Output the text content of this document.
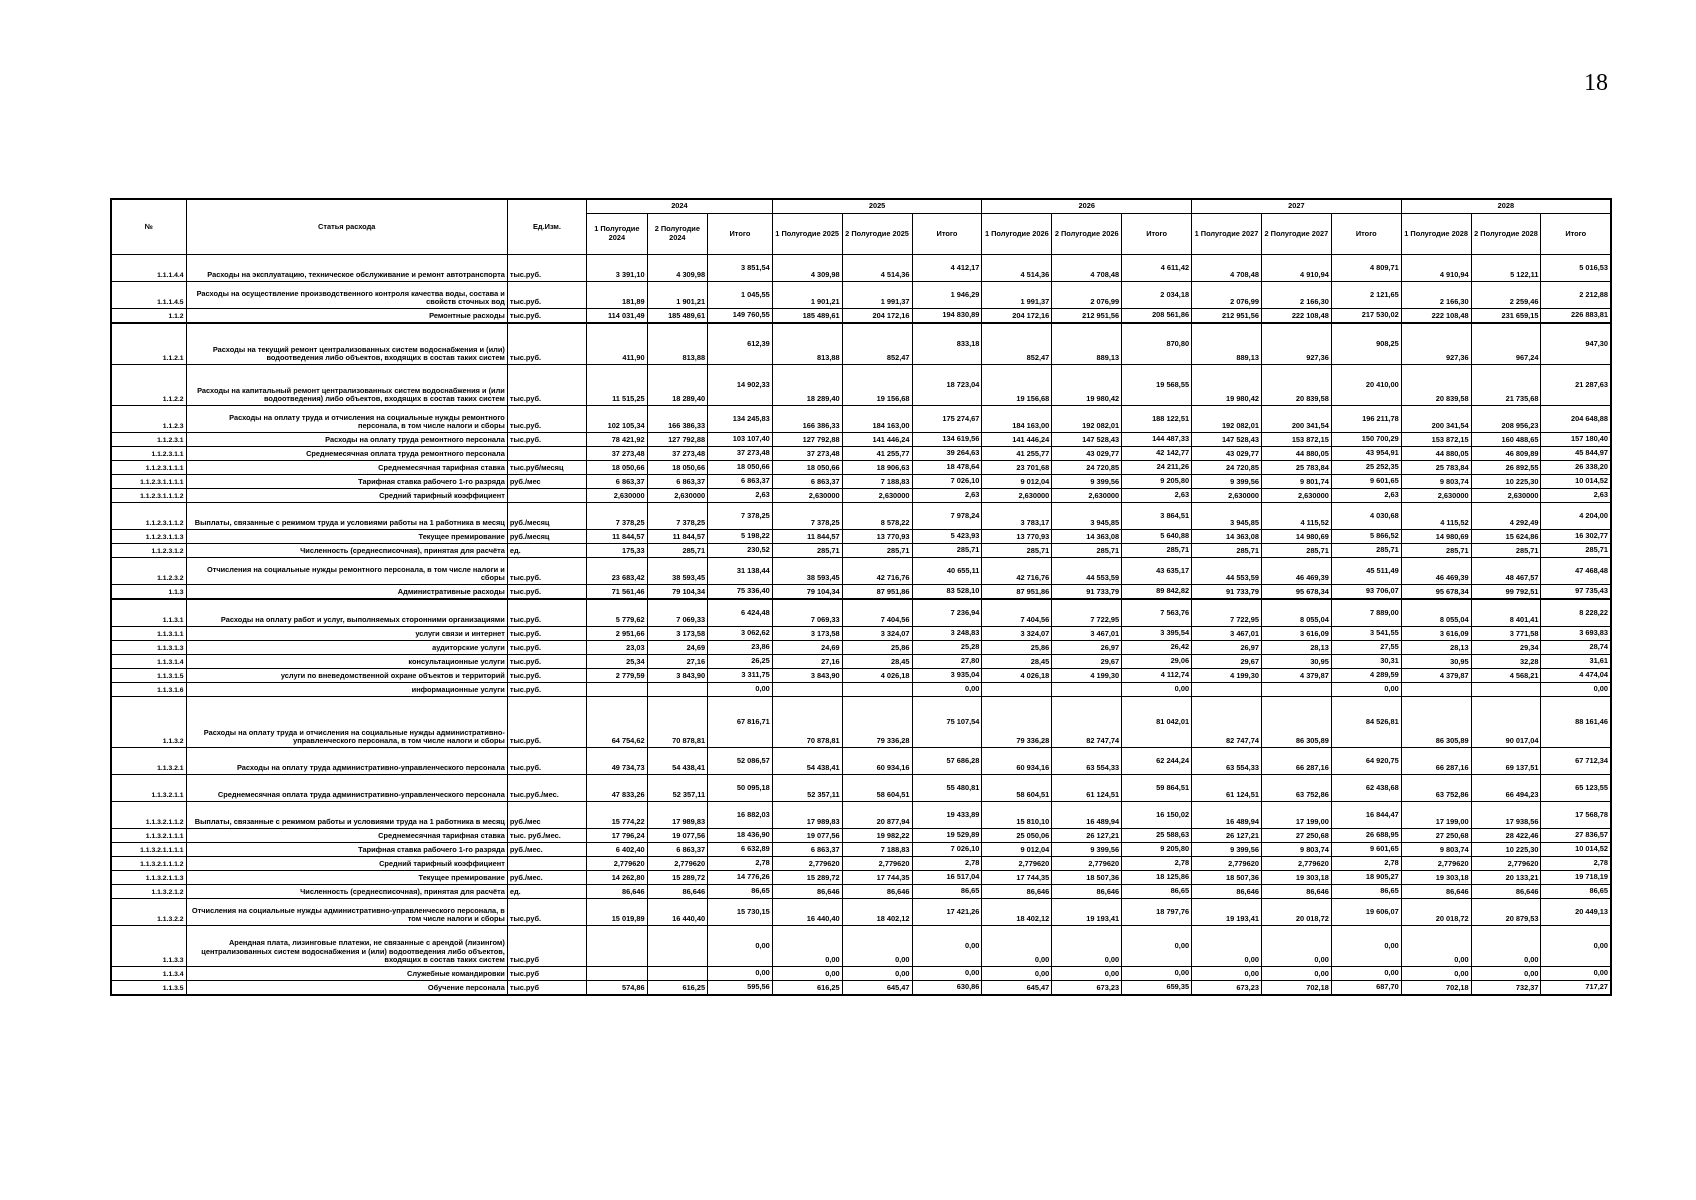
18
№	Статья расхода	Ед.Изм.	2024			2025			2026			2027			2028		
			1 Полугодие 2024	2 Полугодие 2024	Итого	1 Полугодие 2025	2 Полугодие 2025	Итого	1 Полугодие 2026	2 Полугодие 2026	Итого	1 Полугодие 2027	2 Полугодие 2027	Итого	1 Полугодие 2028	2 Полугодие 2028	Итого
1.1.1.4.4	Расходы на эксплуатацию, техническое обслуживание и ремонт автотранспорта	тыс.руб.	3 391,10	4 309,98	3 851,54	4 309,98	4 514,36	4 412,17	4 514,36	4 708,48	4 611,42	4 708,48	4 910,94	4 809,71	4 910,94	5 122,11	5 016,53
1.1.1.4.5	Расходы на осуществление производственного контроля качества воды, состава и свойств сточных вод	тыс.руб.	181,89	1 901,21	1 045,55	1 901,21	1 991,37	1 946,29	1 991,37	2 076,99	2 034,18	2 076,99	2 166,30	2 121,65	2 166,30	2 259,46	2 212,88
1.1.2	Ремонтные расходы	тыс.руб.	114 031,49	185 489,61	149 760,55	185 489,61	204 172,16	194 830,89	204 172,16	212 951,56	208 561,86	212 951,56	222 108,48	217 530,02	222 108,48	231 659,15	226 883,81
1.1.2.1	Расходы на текущий ремонт централизованных систем водоснабжения и (или) водоотведения либо объектов, входящих в состав таких систем	тыс.руб.	411,90	813,88	612,39	813,88	852,47	833,18	852,47	889,13	870,80	889,13	927,36	908,25	927,36	967,24	947,30
1.1.2.2	Расходы на капитальный ремонт централизованных систем водоснабжения и (или водоотведения) либо объектов, входящих в состав таких систем	тыс.руб.	11 515,25	18 289,40	14 902,33	18 289,40	19 156,68	18 723,04	19 156,68	19 980,42	19 568,55	19 980,42	20 839,58	20 410,00	20 839,58	21 735,68	21 287,63
1.1.2.3	Расходы на оплату труда и отчисления на социальные нужды ремонтного персонала, в том числе налоги и сборы	тыс.руб.	102 105,34	166 386,33	134 245,83	166 386,33	184 163,00	175 274,67	184 163,00	192 082,01	188 122,51	192 082,01	200 341,54	196 211,78	200 341,54	208 956,23	204 648,88
1.1.2.3.1	Расходы на оплату труда ремонтного персонала	тыс.руб.	78 421,92	127 792,88	103 107,40	127 792,88	141 446,24	134 619,56	141 446,24	147 528,43	144 487,33	147 528,43	153 872,15	150 700,29	153 872,15	160 488,65	157 180,40
1.1.2.3.1.1	Среднемесячная оплата труда ремонтного персонала		37 273,48	37 273,48	37 273,48	37 273,48	41 255,77	39 264,63	41 255,77	43 029,77	42 142,77	43 029,77	44 880,05	43 954,91	44 880,05	46 809,89	45 844,97
1.1.2.3.1.1.1	Среднемесячная тарифная ставка	тыс.руб/месяц	18 050,66	18 050,66	18 050,66	18 050,66	18 906,63	18 478,64	23 701,68	24 720,85	24 211,26	24 720,85	25 783,84	25 252,35	25 783,84	26 892,55	26 338,20
1.1.2.3.1.1.1.1	Тарифная ставка рабочего 1-го разряда	руб./мес	6 863,37	6 863,37	6 863,37	6 863,37	7 188,83	7 026,10	9 012,04	9 399,56	9 205,80	9 399,56	9 801,74	9 601,65	9 803,74	10 225,30	10 014,52
1.1.2.3.1.1.1.2	Средний тарифный коэффициент		2,630000	2,630000	2,63	2,630000	2,630000	2,63	2,630000	2,630000	2,63	2,630000	2,630000	2,63	2,630000	2,630000	2,63
1.1.2.3.1.1.2	Выплаты, связанные с режимом труда и условиями работы на 1 работника в месяц	руб./месяц	7 378,25	7 378,25	7 378,25	7 378,25	8 578,22	7 978,24	3 783,17	3 945,85	3 864,51	3 945,85	4 115,52	4 030,68	4 115,52	4 292,49	4 204,00
1.1.2.3.1.1.3	Текущее премирование	руб./месяц	11 844,57	11 844,57	5 198,22	11 844,57	13 770,93	5 423,93	13 770,93	14 363,08	5 640,88	14 363,08	14 980,69	5 866,52	14 980,69	15 624,86	16 302,77
1.1.2.3.1.2	Численность (среднесписочная), принятая для расчёта	ед.	175,33	285,71	230,52	285,71	285,71	285,71	285,71	285,71	285,71	285,71	285,71	285,71	285,71	285,71	285,71
1.1.2.3.2	Отчисления на социальные нужды ремонтного персонала, в том числе налоги и сборы	тыс.руб.	23 683,42	38 593,45	31 138,44	38 593,45	42 716,76	40 655,11	42 716,76	44 553,59	43 635,17	44 553,59	46 469,39	45 511,49	46 469,39	48 467,57	47 468,48
1.1.3	Административные расходы	тыс.руб.	71 561,46	79 104,34	75 336,40	79 104,34	87 951,86	83 528,10	87 951,86	91 733,79	89 842,82	91 733,79	95 678,34	93 706,07	95 678,34	99 792,51	97 735,43
1.1.3.1	Расходы на оплату работ и услуг, выполняемых сторонними организациями	тыс.руб.	5 779,62	7 069,33	6 424,48	7 069,33	7 404,56	7 236,94	7 404,56	7 722,95	7 563,76	7 722,95	8 055,04	7 889,00	8 055,04	8 401,41	8 228,22
1.1.3.1.1	услуги связи и интернет	тыс.руб.	2 951,66	3 173,58	3 062,62	3 173,58	3 324,07	3 248,83	3 324,07	3 467,01	3 395,54	3 467,01	3 616,09	3 541,55	3 616,09	3 771,58	3 693,83
1.1.3.1.3	аудиторские услуги	тыс.руб.	23,03	24,69	23,86	24,69	25,86	25,28	25,86	26,97	26,42	26,97	28,13	27,55	28,13	29,34	28,74
1.1.3.1.4	консультационные услуги	тыс.руб.	25,34	27,16	26,25	27,16	28,45	27,80	28,45	29,67	29,06	29,67	30,95	30,31	30,95	32,28	31,61
1.1.3.1.5	услуги по вневедомственной охране объектов и территорий	тыс.руб.	2 779,59	3 843,90	3 311,75	3 843,90	4 026,18	3 935,04	4 026,18	4 199,30	4 112,74	4 199,30	4 379,87	4 289,59	4 379,87	4 568,21	4 474,04
1.1.3.1.6	информационные услуги	тыс.руб.			0,00			0,00			0,00			0,00			0,00
1.1.3.2	Расходы на оплату труда и отчисления на социальные нужды административно-управленческого персонала, в том числе налоги и сборы	тыс.руб.	64 754,62	70 878,81	67 816,71	70 878,81	79 336,28	75 107,54	79 336,28	82 747,74	81 042,01	82 747,74	86 305,89	84 526,81	86 305,89	90 017,04	88 161,46
1.1.3.2.1	Расходы на оплату труда административно-управленческого персонала	тыс.руб.	49 734,73	54 438,41	52 086,57	54 438,41	60 934,16	57 686,28	60 934,16	63 554,33	62 244,24	63 554,33	66 287,16	64 920,75	66 287,16	69 137,51	67 712,34
1.1.3.2.1.1	Среднемесячная оплата труда административно-управленческого персонала	тыс.руб./мес.	47 833,26	52 357,11	50 095,18	52 357,11	58 604,51	55 480,81	58 604,51	61 124,51	59 864,51	61 124,51	63 752,86	62 438,68	63 752,86	66 494,23	65 123,55
1.1.3.2.1.1.2	Выплаты, связанные с режимом работы и условиями труда на 1 работника в месяц	руб./мес	15 774,22	17 989,83	16 882,03	17 989,83	20 877,94	19 433,89	15 810,10	16 489,94	16 150,02	16 489,94	17 199,00	16 844,47	17 199,00	17 938,56	17 568,78
1.1.3.2.1.1.1	Среднемесячная тарифная ставка	тыс. руб./мес.	17 796,24	19 077,56	18 436,90	19 077,56	19 982,22	19 529,89	25 050,06	26 127,21	25 588,63	26 127,21	27 250,68	26 688,95	27 250,68	28 422,46	27 836,57
1.1.3.2.1.1.1.1	Тарифная ставка рабочего 1-го разряда	руб./мес.	6 402,40	6 863,37	6 632,89	6 863,37	7 188,83	7 026,10	9 012,04	9 399,56	9 205,80	9 399,56	9 803,74	9 601,65	9 803,74	10 225,30	10 014,52
1.1.3.2.1.1.1.2	Средний тарифный коэффициент		2,779620	2,779620	2,78	2,779620	2,779620	2,78	2,779620	2,779620	2,78	2,779620	2,779620	2,78	2,779620	2,779620	2,78
1.1.3.2.1.1.3	Текущее премирование	руб./мес.	14 262,80	15 289,72	14 776,26	15 289,72	17 744,35	16 517,04	17 744,35	18 507,36	18 125,86	18 507,36	19 303,18	18 905,27	19 303,18	20 133,21	19 718,19
1.1.3.2.1.2	Численность (среднесписочная), принятая для расчёта	ед.	86,646	86,646	86,65	86,646	86,646	86,65	86,646	86,646	86,65	86,646	86,646	86,65	86,646	86,646	86,65
1.1.3.2.2	Отчисления на социальные нужды административно-управленческого персонала, в том числе налоги и сборы	тыс.руб.	15 019,89	16 440,40	15 730,15	16 440,40	18 402,12	17 421,26	18 402,12	19 193,41	18 797,76	19 193,41	20 018,72	19 606,07	20 018,72	20 879,53	20 449,13
1.1.3.3	Арендная плата, лизинговые платежи, не связанные с арендой (лизингом) централизованных систем водоснабжения и (или) водоотведения либо объектов, входящих в состав таких систем	тыс.руб			0,00	0,00	0,00	0,00	0,00	0,00	0,00	0,00	0,00	0,00	0,00	0,00	0,00
1.1.3.4	Служебные командировки	тыс.руб			0,00	0,00	0,00	0,00	0,00	0,00	0,00	0,00	0,00	0,00	0,00	0,00	0,00
1.1.3.5	Обучение персонала	тыс.руб	574,86	616,25	595,56	616,25	645,47	630,86	645,47	673,23	659,35	673,23	702,18	687,70	702,18	732,37	717,27
